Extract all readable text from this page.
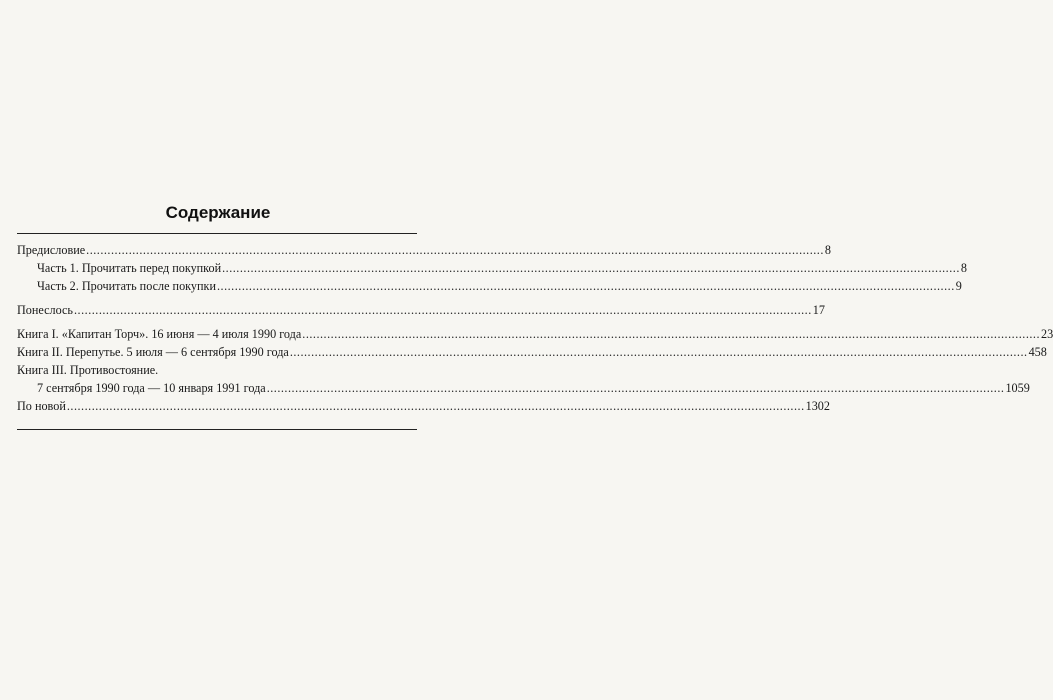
Содержание
Предисловие ................................................................................................................................................................................................................ 8
Часть 1. Прочитать перед покупкой ................................................................................................................................................................................................................ 8
Часть 2. Прочитать после покупки ................................................................................................................................................................................................................ 9
Понеслось ................................................................................................................................................................................................................ 17
Книга I. «Капитан Торч». 16 июня — 4 июля 1990 года ................................................................................................................................................................................................................ 23
Книга II. Перепутье. 5 июля — 6 сентября 1990 года ................................................................................................................................................................................................................ 458
Книга III. Противостояние.
7 сентября 1990 года — 10 января 1991 года ................................................................................................................................................................................................................ 1059
По новой ................................................................................................................................................................................................................ 1302
